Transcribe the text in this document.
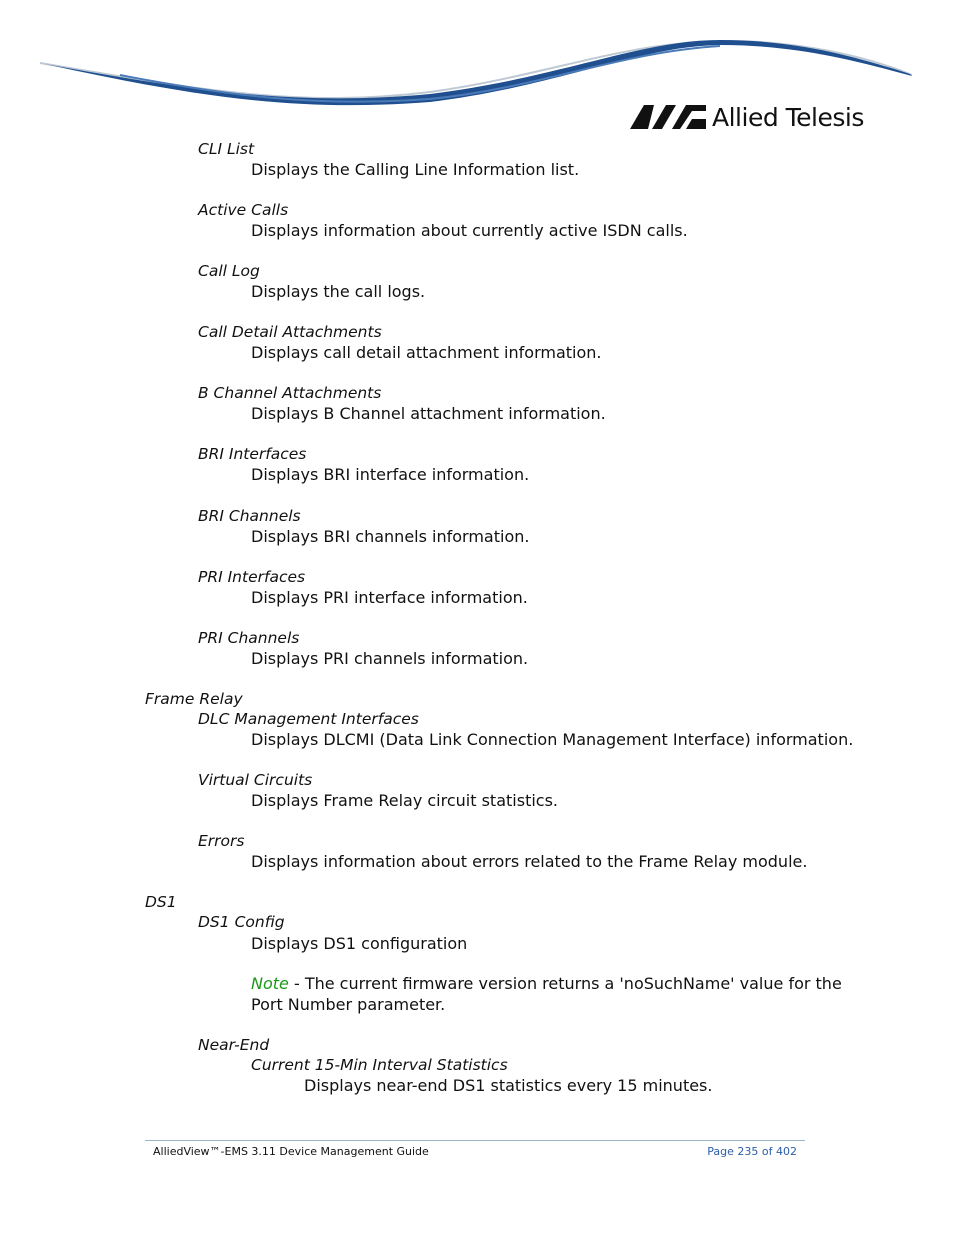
Allied Telesis
CLI List
Displays the Calling Line Information list.
Active Calls
Displays information about currently active ISDN calls.
Call Log
Displays the call logs.
Call Detail Attachments
Displays call detail attachment information.
B Channel Attachments
Displays B Channel attachment information.
BRI Interfaces
Displays BRI interface information.
BRI Channels
Displays BRI channels information.
PRI Interfaces
Displays PRI interface information.
PRI Channels
Displays PRI channels information.
Frame Relay
DLC Management Interfaces
Displays DLCMI (Data Link Connection Management Interface) information.
Virtual Circuits
Displays Frame Relay circuit statistics.
Errors
Displays information about errors related to the Frame Relay module.
DS1
DS1 Config
Displays DS1 configuration
Note - The current firmware version returns a 'noSuchName' value for the
Port Number parameter.
Near-End
Current 15-Min Interval Statistics
Displays near-end DS1 statistics every 15 minutes.
AlliedView™-EMS 3.11 Device Management Guide	Page 235 of 402
